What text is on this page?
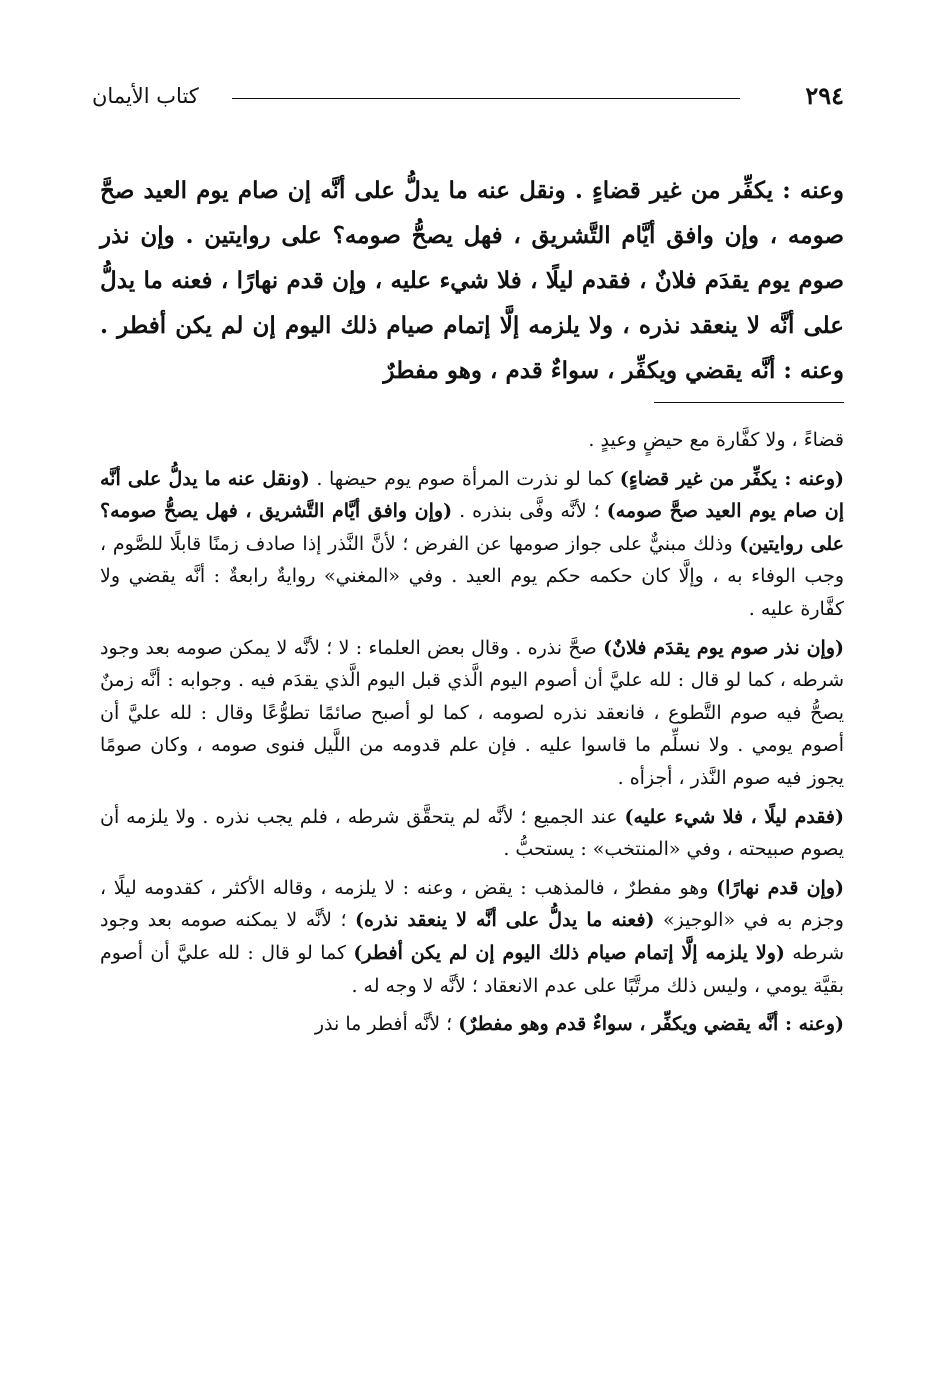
٢٩٤
كتاب الأيمان

وعنه : يكفِّر من غير قضاءٍ . ونقل عنه ما يدلُّ على أنَّه إن صام يوم العيد صحَّ صومه ، وإن وافق أيَّام التَّشريق ، فهل يصحُّ صومه؟ على روايتين . وإن نذر صوم يوم يقدَم فلانٌ ، فقدم ليلًا ، فلا شيء عليه ، وإن قدم نهارًا ، فعنه ما يدلُّ على أنَّه لا ينعقد نذره ، ولا يلزمه إلَّا إتمام صيام ذلك اليوم إن لم يكن أفطر . وعنه : أنَّه يقضي ويكفِّر ، سواءٌ قدم ، وهو مفطرٌ

قضاءً ، ولا كفَّارة مع حيضٍ وعيدٍ .

(وعنه : يكفِّر من غير قضاءٍ) كما لو نذرت المرأة صوم يوم حيضها . (ونقل عنه ما يدلُّ على أنَّه إن صام يوم العيد صحَّ صومه) ؛ لأنَّه وفَّى بنذره . (وإن وافق أيَّام التَّشريق ، فهل يصحُّ صومه؟ على روايتين) وذلك مبنيٌّ على جواز صومها عن الفرض ؛ لأنَّ النَّذر إذا صادف زمنًا قابلًا للصَّوم ، وجب الوفاء به ، وإلَّا كان حكمه حكم يوم العيد . وفي «المغني» روايةٌ رابعةٌ : أنَّه يقضي ولا كفَّارة عليه .

(وإن نذر صوم يوم يقدَم فلانٌ) صحَّ نذره . وقال بعض العلماء : لا ؛ لأنَّه لا يمكن صومه بعد وجود شرطه ، كما لو قال : لله عليَّ أن أصوم اليوم الَّذي قبل اليوم الَّذي يقدَم فيه . وجوابه : أنَّه زمنٌ يصحُّ فيه صوم التَّطوع ، فانعقد نذره لصومه ، كما لو أصبح صائمًا تطوُّعًا وقال : لله عليَّ أن أصوم يومي . ولا نسلِّم ما قاسوا عليه . فإن علم قدومه من اللَّيل فنوى صومه ، وكان صومًا يجوز فيه صوم النَّذر ، أجزأه .

(فقدم ليلًا ، فلا شيء عليه) عند الجميع ؛ لأنَّه لم يتحقَّق شرطه ، فلم يجب نذره . ولا يلزمه أن يصوم صبيحته ، وفي «المنتخب» : يستحبُّ .

(وإن قدم نهارًا) وهو مفطرٌ ، فالمذهب : يقض ، وعنه : لا يلزمه ، وقاله الأكثر ، كقدومه ليلًا ، وجزم به في «الوجيز» (فعنه ما يدلُّ على أنَّه لا ينعقد نذره) ؛ لأنَّه لا يمكنه صومه بعد وجود شرطه (ولا يلزمه إلَّا إتمام صيام ذلك اليوم إن لم يكن أفطر) كما لو قال : لله عليَّ أن أصوم بقيَّة يومي ، وليس ذلك مرتَّبًا على عدم الانعقاد ؛ لأنَّه لا وجه له .

(وعنه : أنَّه يقضي ويكفِّر ، سواءٌ قدم وهو مفطرٌ) ؛ لأنَّه أفطر ما نذر
